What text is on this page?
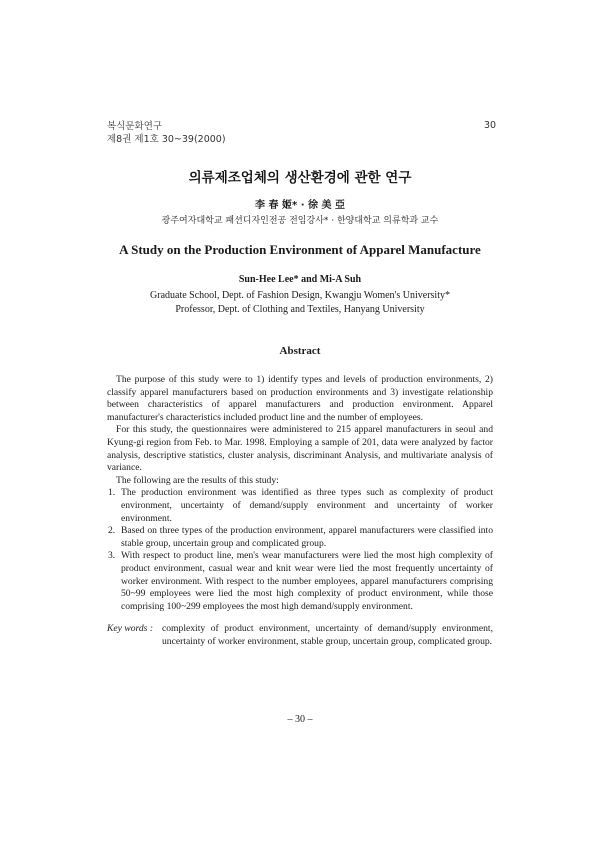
복식문화연구
제8권 제1호 30~39(2000)
30
의류제조업체의 생산환경에 관한 연구
李 春 姬* · 徐 美 亞
광주여자대학교 패션디자인전공 전임강사* · 한양대학교 의류학과 교수
A Study on the Production Environment of Apparel Manufacture
Sun-Hee Lee* and Mi-A Suh
Graduate School, Dept. of Fashion Design, Kwangju Women's University*
Professor, Dept. of Clothing and Textiles, Hanyang University
Abstract

The purpose of this study were to 1) identify types and levels of production environments, 2) classify apparel manufacturers based on production environments and 3) investigate relationship between characteristics of apparel manufacturers and production environment. Apparel manufacturer's characteristics included product line and the number of employees.

For this study, the questionnaires were administered to 215 apparel manufacturers in seoul and Kyung-gi region from Feb. to Mar. 1998. Employing a sample of 201, data were analyzed by factor analysis, descriptive statistics, cluster analysis, discriminant Analysis, and multivariate analysis of variance.

The following are the results of this study:

1. The production environment was identified as three types such as complexity of product environment, uncertainty of demand/supply environment and uncertainty of worker environment.
2. Based on three types of the production environment, apparel manufacturers were classified into stable group, uncertain group and complicated group.
3. With respect to product line, men's wear manufacturers were lied the most high complexity of product environment, casual wear and knit wear were lied the most frequently uncertainty of worker environment. With respect to the number employees, apparel manufacturers comprising 50~99 employees were lied the most high complexity of product environment, while those comprising 100~299 employees the most high demand/supply environment.
Key words : complexity of product environment, uncertainty of demand/supply environment, uncertainty of worker environment, stable group, uncertain group, complicated group.
– 30 –
